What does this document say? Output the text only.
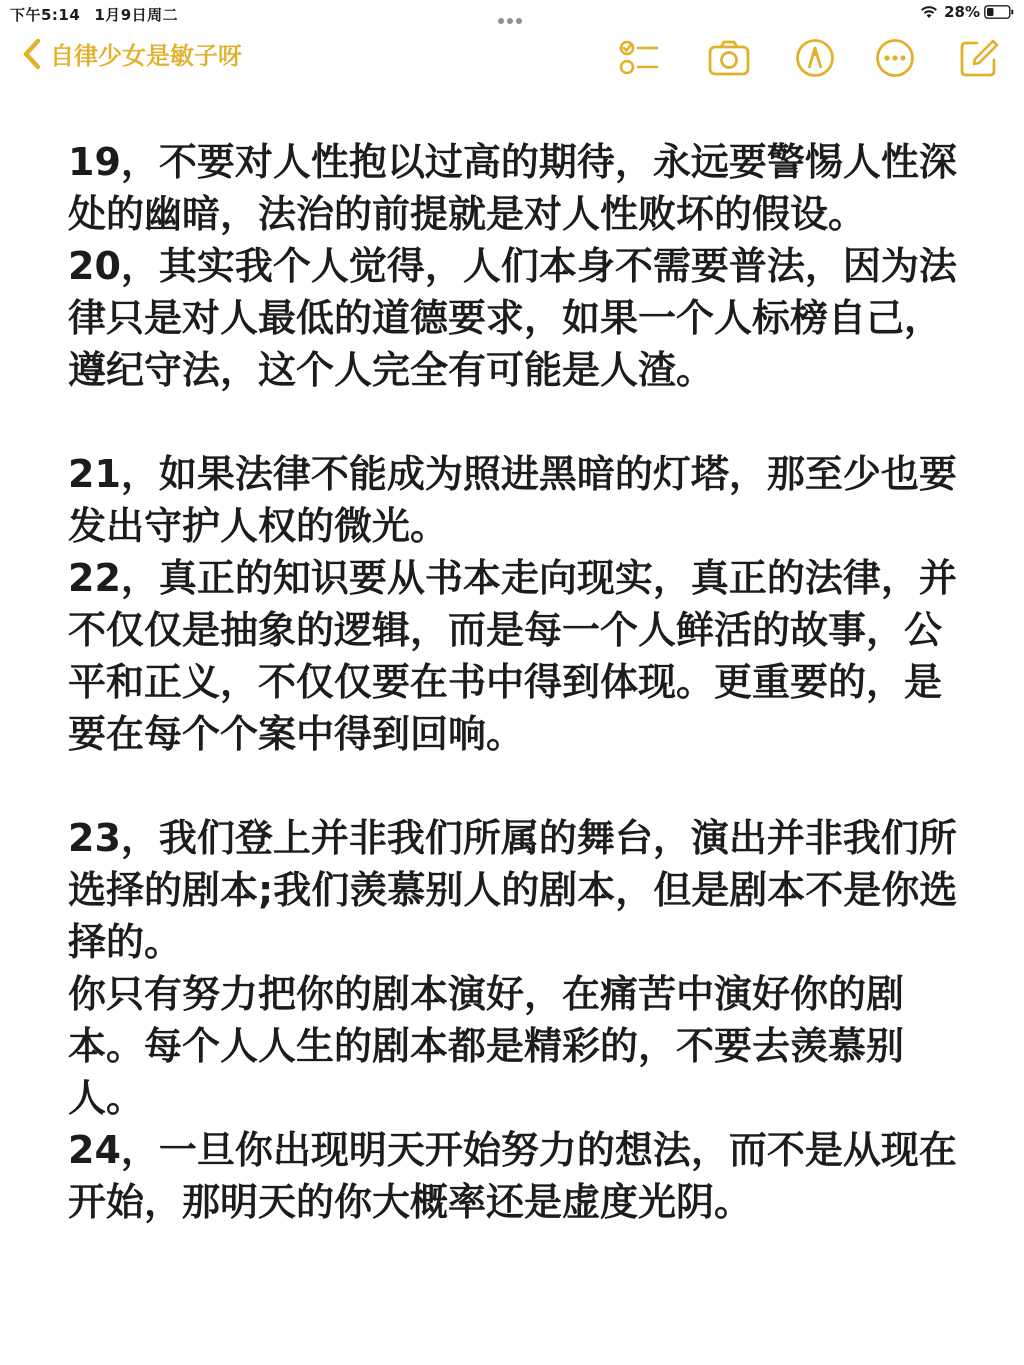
下午5:14 1月9日周二	28%
自律少女是敏子呀

19，不要对人性抱以过高的期待，永远要警惕人性深处的幽暗，法治的前提就是对人性败坏的假设。

20，其实我个人觉得，人们本身不需要普法，因为法律只是对人最低的道德要求，如果一个人标榜自己，遵纪守法，这个人完全有可能是人渣。

21，如果法律不能成为照进黑暗的灯塔，那至少也要发出守护人权的微光。

22，真正的知识要从书本走向现实，真正的法律，并不仅仅是抽象的逻辑，而是每一个人鲜活的故事，公平和正义，不仅仅要在书中得到体现。更重要的，是要在每个个案中得到回响。

23，我们登上并非我们所属的舞台，演出并非我们所选择的剧本;我们羡慕别人的剧本，但是剧本不是你选择的。

你只有努力把你的剧本演好，在痛苦中演好你的剧本。每个人人生的剧本都是精彩的，不要去羡慕别人。

24，一旦你出现明天开始努力的想法，而不是从现在开始，那明天的你大概率还是虚度光阴。
